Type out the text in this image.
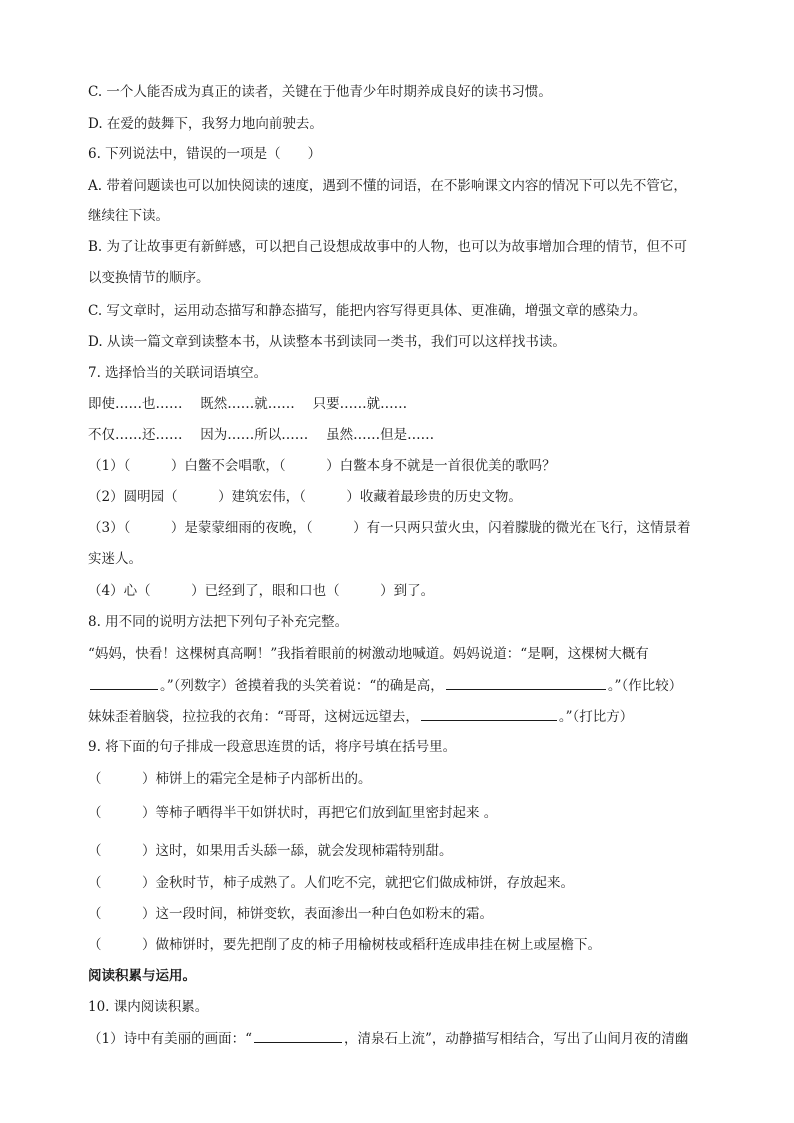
C. 一个人能否成为真正的读者，关键在于他青少年时期养成良好的读书习惯。
D. 在爱的鼓舞下，我努力地向前驶去。
6. 下列说法中，错误的一项是（　　）
A. 带着问题读也可以加快阅读的速度，遇到不懂的词语，在不影响课文内容的情况下可以先不管它，
继续往下读。
B. 为了让故事更有新鲜感，可以把自己设想成故事中的人物，也可以为故事增加合理的情节，但不可
以变换情节的顺序。
C. 写文章时，运用动态描写和静态描写，能把内容写得更具体、更准确，增强文章的感染力。
D. 从读一篇文章到读整本书，从读整本书到读同一类书，我们可以这样找书读。
7. 选择恰当的关联词语填空。
即使……也……　 既然……就……　 只要……就……
不仅……还……　 因为……所以……　 虽然……但是……
（1）（　　　）白鳖不会唱歌，（　　　）白鳖本身不就是一首很优美的歌吗？
（2）圆明园（　　　）建筑宏伟，（　　　）收藏着最珍贵的历史文物。
（3）（　　　）是蒙蒙细雨的夜晚，（　　　）有一只两只萤火虫，闪着朦胧的微光在飞行，这情景着
实迷人。
（4）心（　　　）已经到了，眼和口也（　　　）到了。
8. 用不同的说明方法把下列句子补充完整。
“妈妈，快看！这棵树真高啊！”我指着眼前的树激动地喊道。妈妈说道：“是啊，这棵树大概有
。”（列数字）爸摸着我的头笑着说：“的确是高，	。”（作比较）
妹妹歪着脑袋，拉拉我的衣角：“哥哥，这树远远望去，	。”（打比方）
9. 将下面的句子排成一段意思连贯的话，将序号填在括号里。
（　　　）柿饼上的霜完全是柿子内部析出的。
（　　　）等柿子晒得半干如饼状时，再把它们放到缸里密封起来 。
（　　　）这时，如果用舌头舔一舔，就会发现柿霜特别甜。
（　　　）金秋时节，柿子成熟了。人们吃不完，就把它们做成柿饼，存放起来。
（　　　）这一段时间，柿饼变软，表面渗出一种白色如粉末的霜。
（　　　）做柿饼时，要先把削了皮的柿子用榆树枝或稻秆连成串挂在树上或屋檐下。
阅读积累与运用。
10. 课内阅读积累。
（1）诗中有美丽的画面：“	，清泉石上流”，动静描写相结合，写出了山间月夜的清幽
